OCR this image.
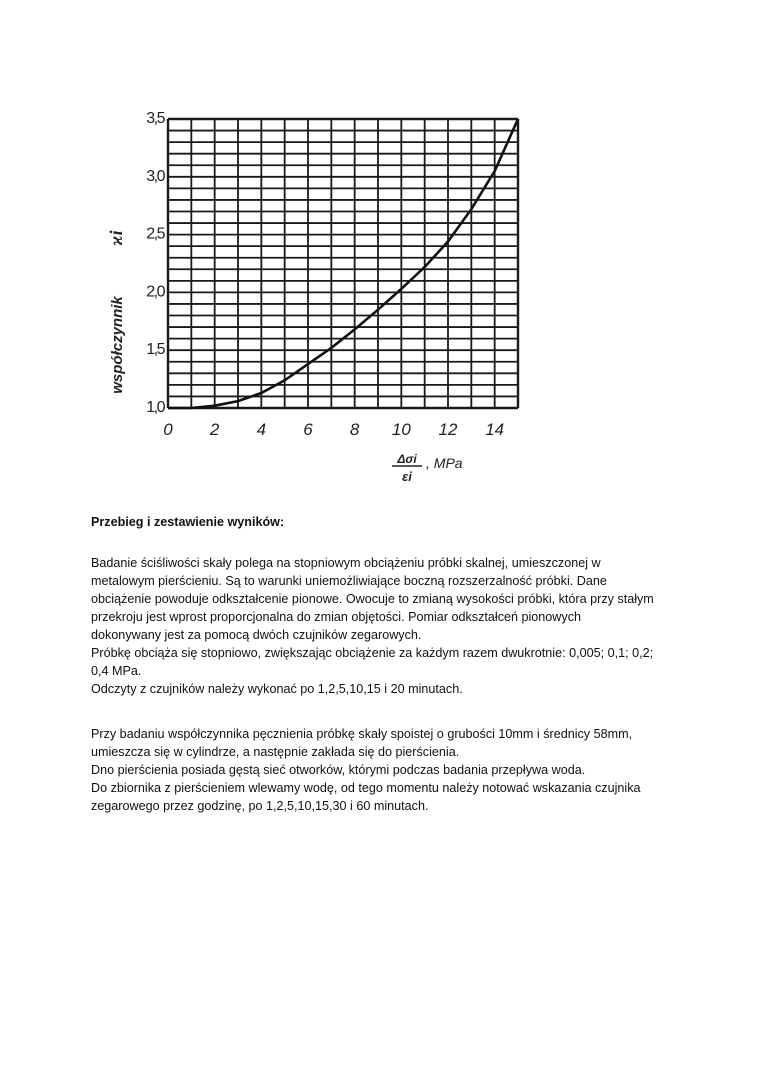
0 2 4 6 8 10 12 14
1,0
1,5
2,0
2,5
3,0
3,5
współczynnik
ϰi
Δσi
εi
, MPa
Przebieg i zestawienie wyników:
Badanie ściśliwości skały polega na stopniowym obciążeniu próbki skalnej, umieszczonej w
metalowym pierścieniu. Są to warunki uniemożliwiające boczną rozszerzalność próbki. Dane
obciążenie powoduje odkształcenie pionowe. Owocuje to zmianą wysokości próbki, która przy stałym
przekroju jest wprost proporcjonalna do zmian objętości. Pomiar odkształceń pionowych
dokonywany jest za pomocą dwóch czujników zegarowych.
Próbkę obciąża się stopniowo, zwiększając obciążenie za każdym razem dwukrotnie: 0,005; 0,1; 0,2;
0,4 MPa.
Odczyty z czujników należy wykonać po 1,2,5,10,15 i 20 minutach.
Przy badaniu współczynnika pęcznienia próbkę skały spoistej o grubości 10mm i średnicy 58mm,
umieszcza się w cylindrze, a następnie zakłada się do pierścienia.
Dno pierścienia posiada gęstą sieć otworków, którymi podczas badania przepływa woda.
Do zbiornika z pierścieniem wlewamy wodę, od tego momentu należy notować wskazania czujnika
zegarowego przez godzinę, po 1,2,5,10,15,30 i 60 minutach.
